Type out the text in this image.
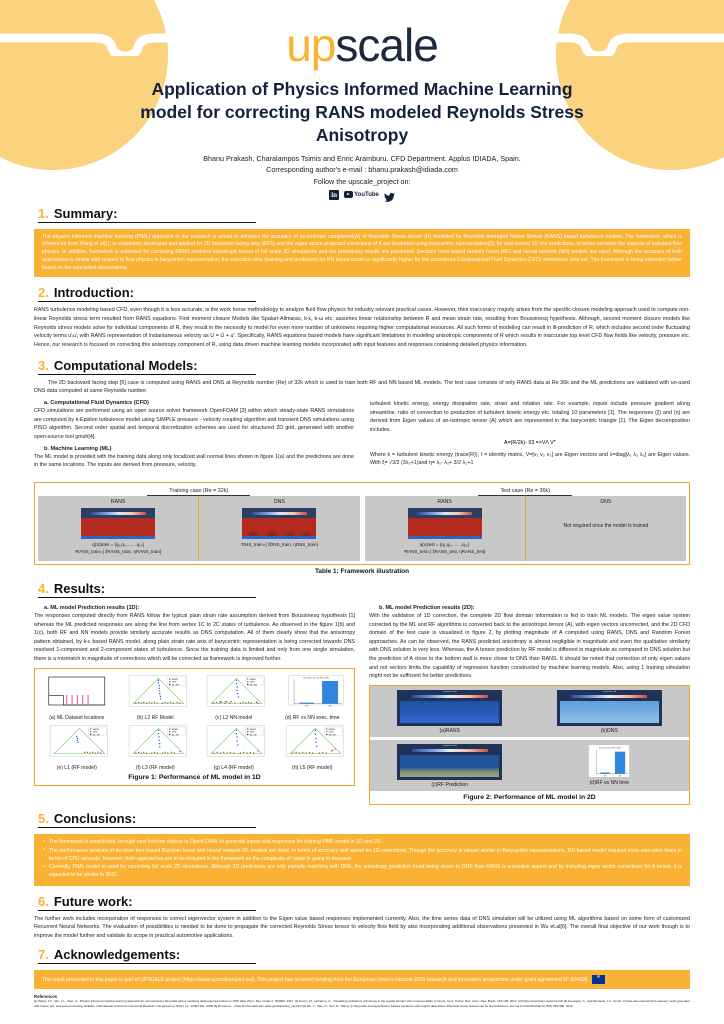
upscale
Application of Physics Informed Machine Learning model for correcting RANS modeled Reynolds Stress Anisotropy
Bhanu Prakash, Charalampos Tsimis and Enric Aramburu. CFD Department. Applus IDIADA, Spain.
Corresponding author's e-mail : bhanu.prakash@idiada.com
Follow the upscale_project on:
in	YouTube
1. Summary:
The physics informed machine learning (PIML) approach in our research is aimed to enhance the accuracy of an-isotropic component(A) of Reynolds Stress tensor (R) modelled by Reynolds Averaged Navier Stokes (RANS) based turbulence models. The framework, which is referenced from Wang et.al[1], is completely developed and applied for 2D backward facing step (BFS) and the eigen space projected corrections of A are illustrated using barycentric representation[2], for wall normal 1D line predictions, to better correlate the aspects of turbulent flow physics. In addition, framework is extended for correcting RANS modeled anisotropic tensor in full scale 2D simulations and the preliminary results are presented. Decision trees based random forest (RF) and neural network (NN) models are used. Although the accuracy of both approaches is similar with respect to flow physics in barycentric representation, the execution time (training and prediction) for NN based model is significantly higher for the considered Computational Fluid Dynamics (CFD) simulations data set. The framework is being extended further based on the concluded observations.
2. Introduction:
RANS turbulence modeling based CFD, even though it is less accurate, is the work horse methodology to analyze fluid flow physics for industry relevant practical cases. However, their inaccuracy majorly arises from the specific closure modeling approach used to compute non-linear Reynolds stress term resulted from RANS equations. First moment closure Models like Spalart-Allmaras, k-ε, k-ω etc. assumes linear relationship between R and mean strain rate, resulting from Boussinesq hypothesis. Although, second moment closure models like Reynolds stress models solve for individual components of R, they result in the necessity to model for even more number of unknowns requiring higher computational resources. All such forms of modeling can result in ill-prediction of R, which includes second order fluctuating velocity terms u'ᵢu'ⱼ with RANS representation of instantaneous velocity as U = Ū + u'. Specifically, RANS equations based models have significant limitations in modeling anisotropic components of R which results in inaccurate top level CFD flow fields like velocity, pressure etc. Hence, our research is focused on correcting this anisotropy component of R, using data driven machine learning models incorporated with input features and responses containing detailed physics information.
3. Computational Models:
The 2D backward facing step [5] case is computed using RANS and DNS at Reynolds number (Re) of 32k which is used to train both RF and NN based ML models. The test case consists of only RANS data at Re 36k and the ML predictions are validated with un-used DNS data computed at same Reynolds number.
a. Computational Fluid Dynamics (CFD)
CFD simulations are performed using an open source solver framework OpenFOAM [3] within which steady-state RANS simulations are computed by k-Epsilon turbulence model using SIMPLE pressure - velocity coupling algorithm and transient DNS simulations using PISO algorithm. Second order spatial and temporal discretization schemes are used for structured 2D grid, generated with another open-source tool gmsh[4].
b. Machine Learning (ML)
The ML model is provided with the training data along only localized wall normal lines shown in figure 1(a) and the predictions are done in the same locations. The inputs are derived from pressure, velocity,
turbulent kinetic energy, energy dissipation rate, strain and rotation rate. For example, inputs include pressure gradient along streamline, ratio of convection to production of turbulent kinetic energy etc. totaling 10 parameters [1]. The responses (ξ) and (η) are derived from Eigen values of an-isotropic tensor (A) which are represented in the barycentric triangle [1]. The Eigen decomposition includes.
A=(R/2k)- I/3 =>VΛ Vᵀ
Where k = turbulent kinetic energy (trace(R)), I = identity matrix, V=[v₁ v₂ v₃] are Eigen vectors and λ=diag[λ₁ λ₂ λ₃] are Eigen values. With ξ= √3/2 (3λ₃+1)and η= λ₁- λ₃+ 3/2 λ₂+1
Training case (Re = 32k)
RANS
q(X)train = {q₁,q₂,..... ..q₁₀}
ʳRANS_train={ ξRANS_train, ηRANS_train}
DNS
ʳDNS_train={ ξDNS_train, ηDNS_train}
Test case (Re = 36k)
RANS
q(x)test = {q₁,q₂,..... ..q₁₀}
ʳRANS_test={ ξRANS_test, ηRANS_test}
DNS
Not required once the model is trained
Table 1: Framework illustration
4. Results:
a. ML model Prediction results (1D):
The responses computed directly from RANS follow the typical plain strain rate assumption derived from Boussinesq hypothesis [1] whereas the ML predicted responses are along the line from vertex 1C to 2C states of turbulence. As observed in the figure 1(b) and 1(c), both RF and NN models provide similarly accurate results as DNS computation. All of them clearly show that the anisotropy pattern obtained, by k-ε based RANS model, along plain strain rate axis of barycentric representation is being corrected towards DNS resolved 1-component and 2-component states of turbulence. Since the training data is limited and only from one single simulation, there is a mismatch in magnitude of corrections which will be corrected as framework is improved further.
(a) ML Dataset locations
RANS
DNS
ML_RF
(b) L2 RF Model
RANS
DNS
ML_NN
(c) L2 NN model
Execution time for RF vs NN
RF	NN
(d) RF vs NN exec. time
RANS
DNS
ML_RF
(e) L1 (RF model)
RANS
DNS
ML_RF
(f) L3 (RF model)
RANS
DNS
ML_RF
(g) L4 (RF model)
RANS
DNS
ML_RF
(h) L5 (RF model)
Figure 1: Performance of ML model in 1D
b. ML model Prediction results (2D):
With the validation of 1D correction, the complete 2D flow domain information is fed to train ML models. The eigen value system corrected by the ML and RF algorithms is converted back to the anisotropic tensor (A), with eigen vectors uncorrected, and the 2D CFD domain of the test case is visualized in figure 2, by plotting magnitude of A computed using RANS, DNS and Random Forest approaches. As can be observed, the RANS predicted anisotropy is almost negligible in magnitude and even the qualitative similarity with DNS solution is very less. Whereas, the A tensor prediction by RF model is different in magnitude as compared to DNS solution but the prediction of A close to the bottom wall is more closer to DNS than RANS. It should be noted that correction of only eigen values and not vectors limits the capability of regression function constructed by machine learning models. Also, using 1 training simulation might not be sufficient for better predictions.
magnitude of A
(a)RANS
magnitude of A
(b)DNS
magnitude of A
(c)RF Prediction
Execution time for RF vs NN
RF	NN
(d)RF vs NN time
Figure 2: Performance of ML model in 2D
5. Conclusions:
• The framework is established, through new function objects in OpenFOAM, to generate inputs and responses for training PIML model in 1D and 2D.
• The performance analysis of decision tree based Random forest and neural network ML models are done, in terms of accuracy and speed for 1D corrections. Though the accuracy is almost similar in Barycentric representations, NN based model requires more execution times in terms of CPU seconds. However, both approaches are to be included in the framework as the complexity of cases is going to increase.
• Currently, PIML model is used for correcting full scale 2D simulations. Although 2D predictions are only partially matching with DNS, the anisotropy prediction trend being closer to DNS than RANS is a positive aspect and by including eigen vector corrections for A tensor, it is expected to be similar to DNS.
6. Future work:
The further work includes incorporation of responses to correct eigenvector system in addition to the Eigen value based responses implemented currently. Also, the time series data of DNS simulation will be utilized using ML algorithms based on some form of customized Recurrent Neural Networks. The evaluation of possibilities is needed to be done to propagate the corrected Reynolds Stress tensor to velocity flow field by also incorporating additional observations presented in Wu et.al[6]. The overall final objective of our work though is to improve the model further and validate its scope in practical automotive applications.
7. Acknowledgements:
The result presented in this paper is part of UPSCALE project (https://www.upscaleproject.eu/). This project has received funding from the European Union's Horizon 2020 research and innovation programme under grant agreement N° 824306.★
References
[1] Wang, J.X., Wu, J.L., Xiao, H., Physics informed machine learning approach for reconstructing Reynolds stress modeling discrepancies based on DNS data, Phys. Rev. Fluids 2, 034603, 2017. [2] Emory, M., Iaccarino, G., Visualizing turbulence anisotropy in the spatial domain with componentality contours, Cent. Turbul. Res. Annu. Res. Briefs, 123-138, 2014. [3] https://openfoam.org/version/6 [4] Geuzaine, C., and Remacle, J.F., Gmsh: a three-dimensional finite element mesh generator with built-in pre- and post-processing facilities, International Journal for Numerical Methods in Engineering 79(11), pp. 1309-1331, 2009 [5] Romano,L., https://turbmodels.larc.nasa.gov/backstep_val.html [6] Wu, J., Xiao, H., Sun, R., Wang, Q. Reynolds-averaged Navier-Stokes equations with explicit data-driven Reynolds stress closure can be ill-conditioned, Journal of Fluid Mechanics, 869, 553-586, 2019
